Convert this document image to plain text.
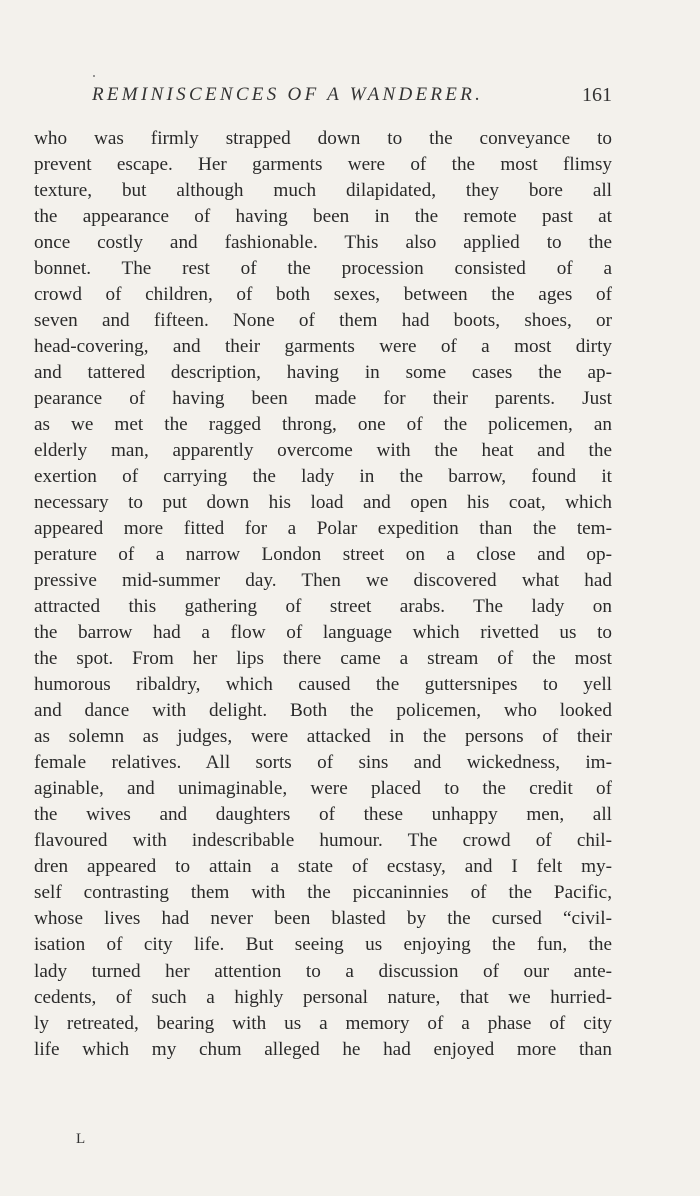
REMINISCENCES OF A WANDERER.	161
who was firmly strapped down to the conveyance to
prevent escape. Her garments were of the most flimsy
texture, but although much dilapidated, they bore all
the appearance of having been in the remote past at
once costly and fashionable. This also applied to the
bonnet. The rest of the procession consisted of a
crowd of children, of both sexes, between the ages of
seven and fifteen. None of them had boots, shoes, or
head-covering, and their garments were of a most dirty
and tattered description, having in some cases the ap-
pearance of having been made for their parents. Just
as we met the ragged throng, one of the policemen, an
elderly man, apparently overcome with the heat and the
exertion of carrying the lady in the barrow, found it
necessary to put down his load and open his coat, which
appeared more fitted for a Polar expedition than the tem-
perature of a narrow London street on a close and op-
pressive mid-summer day. Then we discovered what had
attracted this gathering of street arabs. The lady on
the barrow had a flow of language which rivetted us to
the spot. From her lips there came a stream of the most
humorous ribaldry, which caused the guttersnipes to yell
and dance with delight. Both the policemen, who looked
as solemn as judges, were attacked in the persons of their
female relatives. All sorts of sins and wickedness, im-
aginable, and unimaginable, were placed to the credit of
the wives and daughters of these unhappy men, all
flavoured with indescribable humour. The crowd of chil-
dren appeared to attain a state of ecstasy, and I felt my-
self contrasting them with the piccaninnies of the Pacific,
whose lives had never been blasted by the cursed “civil-
isation of city life. But seeing us enjoying the fun, the
lady turned her attention to a discussion of our ante-
cedents, of such a highly personal nature, that we hurried-
ly retreated, bearing with us a memory of a phase of city
life which my chum alleged he had enjoyed more than
L
